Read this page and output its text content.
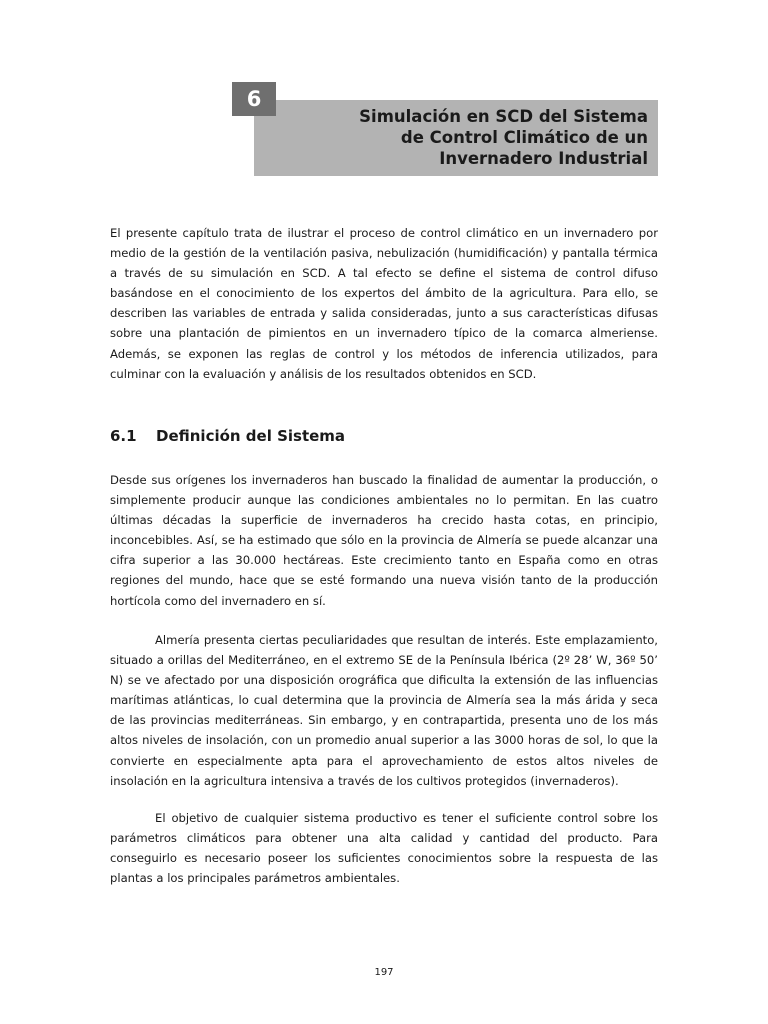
Simulación en SCD del Sistema
de Control Climático de un
Invernadero Industrial
6

El presente capítulo trata de ilustrar el proceso de control climático en un invernadero por medio de la gestión de la ventilación pasiva, nebulización (humidificación) y pantalla térmica a través de su simulación en SCD. A tal efecto se define el sistema de control difuso basándose en el conocimiento de los expertos del ámbito de la agricultura. Para ello, se describen las variables de entrada y salida consideradas, junto a sus características difusas sobre una plantación de pimientos en un invernadero típico de la comarca almeriense. Además, se exponen las reglas de control y los métodos de inferencia utilizados, para culminar con la evaluación y análisis de los resultados obtenidos en SCD.

6.1 Definición del Sistema

Desde sus orígenes los invernaderos han buscado la finalidad de aumentar la producción, o simplemente producir aunque las condiciones ambientales no lo permitan. En las cuatro últimas décadas la superficie de invernaderos ha crecido hasta cotas, en principio, inconcebibles. Así, se ha estimado que sólo en la provincia de Almería se puede alcanzar una cifra superior a las 30.000 hectáreas. Este crecimiento tanto en España como en otras regiones del mundo, hace que se esté formando una nueva visión tanto de la producción hortícola como del invernadero en sí.

Almería presenta ciertas peculiaridades que resultan de interés. Este emplazamiento, situado a orillas del Mediterráneo, en el extremo SE de la Península Ibérica (2º 28’ W, 36º 50’ N) se ve afectado por una disposición orográfica que dificulta la extensión de las influencias marítimas atlánticas, lo cual determina que la provincia de Almería sea la más árida y seca de las provincias mediterráneas. Sin embargo, y en contrapartida, presenta uno de los más altos niveles de insolación, con un promedio anual superior a las 3000 horas de sol, lo que la convierte en especialmente apta para el aprovechamiento de estos altos niveles de insolación en la agricultura intensiva a través de los cultivos protegidos (invernaderos).

El objetivo de cualquier sistema productivo es tener el suficiente control sobre los parámetros climáticos para obtener una alta calidad y cantidad del producto. Para conseguirlo es necesario poseer los suficientes conocimientos sobre la respuesta de las plantas a los principales parámetros ambientales.

197
